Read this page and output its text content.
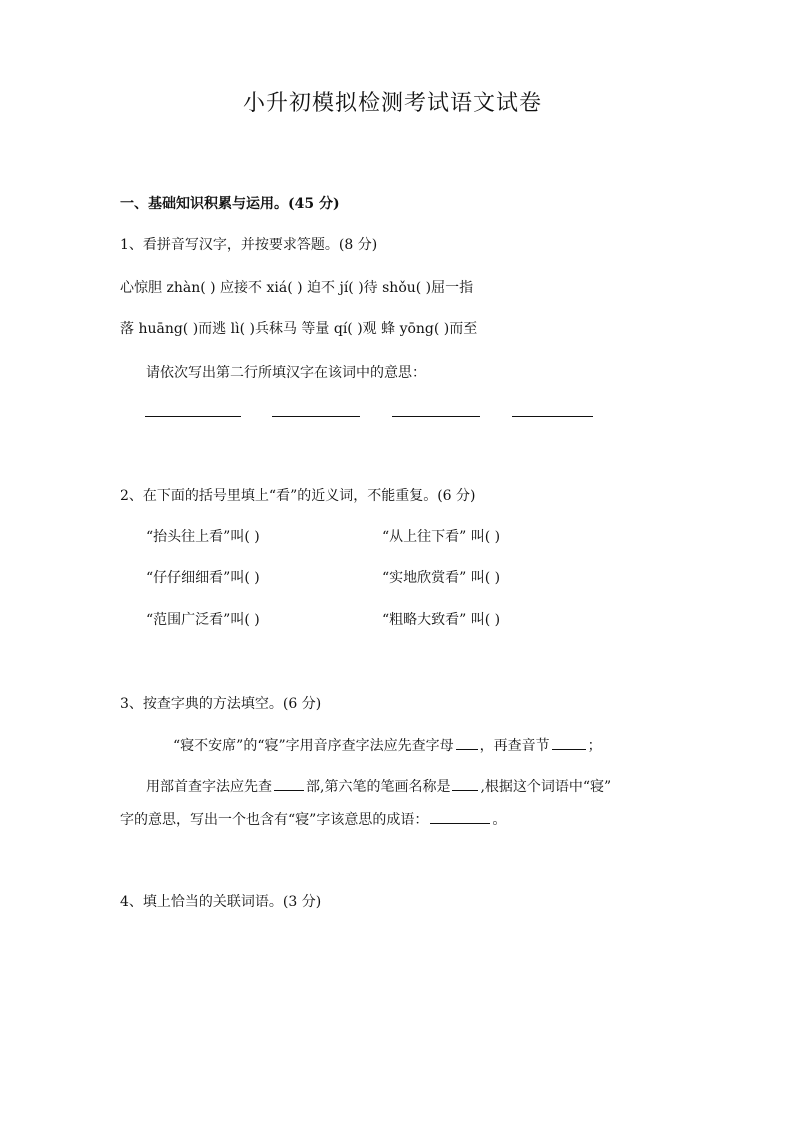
小升初模拟检测考试语文试卷
一、基础知识积累与运用。(45 分)
1、看拼音写汉字，并按要求答题。(8 分)
心惊胆 zhàn( ) 应接不 xiá( ) 迫不 jí( )待 shǒu( )屈一指
落 huāng( )而逃 lì( )兵秣马 等量 qí( )观 蜂 yōng( )而至
请依次写出第二行所填汉字在该词中的意思：
2、在下面的括号里填上“看”的近义词，不能重复。(6 分)
“抬头往上看”叫( )	“从上往下看” 叫( )
“仔仔细细看”叫( )	“实地欣赏看” 叫( )
“范围广泛看”叫( )	“粗略大致看” 叫( )
3、按查字典的方法填空。(6 分)
“寝不安席”的“寝”字用音序查字法应先查字母 ，再查音节	；
用部首查字法应先查 部,第六笔的笔画名称是 ,根据这个词语中“寝”
字的意思，写出一个也含有“寝”字该意思的成语：	。
4、填上恰当的关联词语。(3 分)
